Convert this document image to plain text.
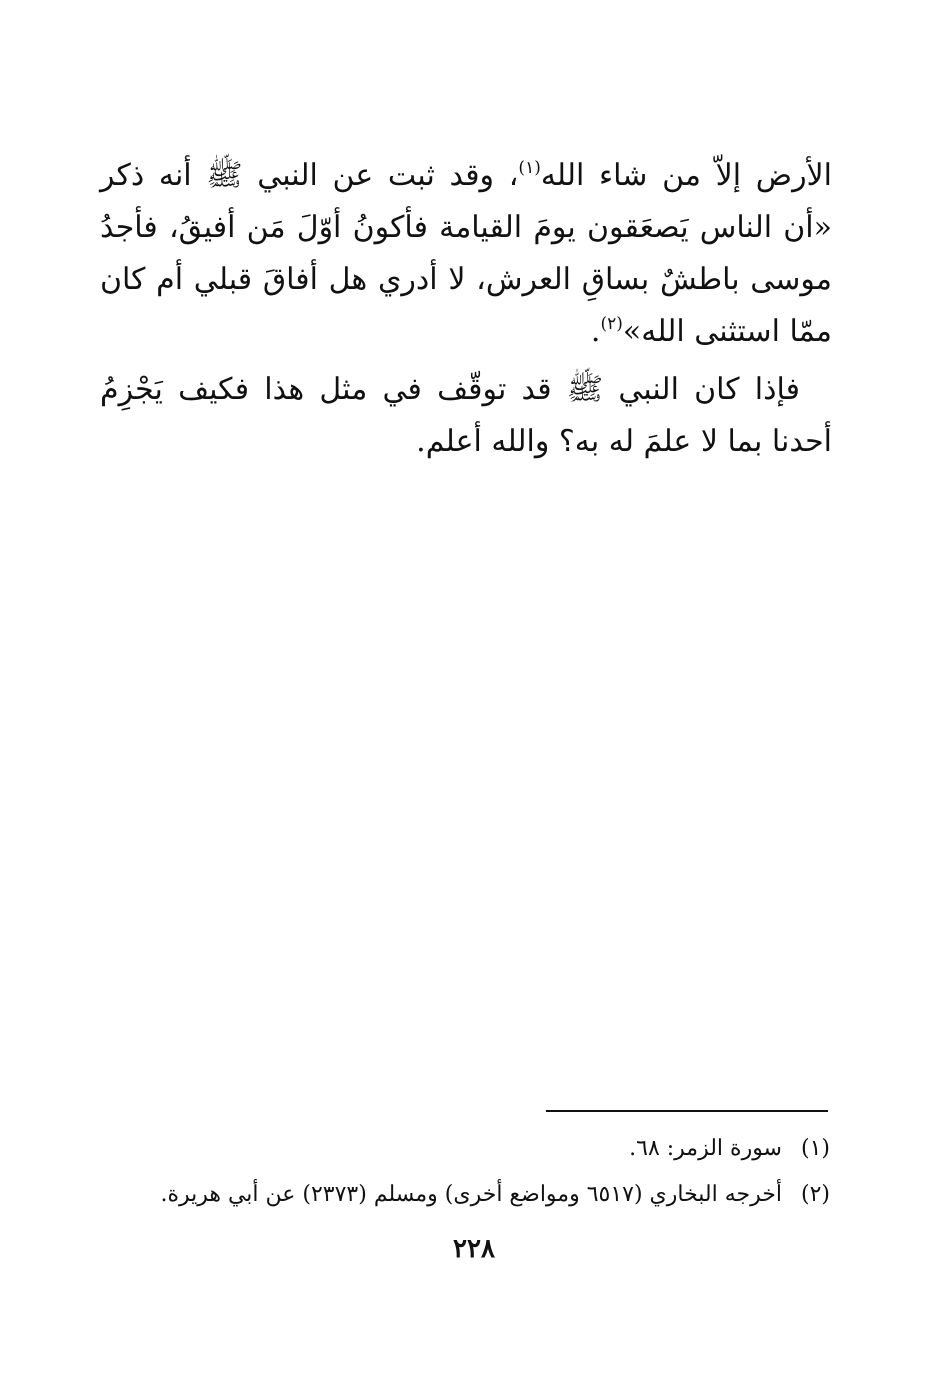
الأرض إلاّ من شاء الله$^{(١)}$، وقد ثبت عن النبي ﷺ أنه ذكر «أن الناس يَصعَقون يومَ القيامة فأكونُ أوّلَ مَن أفيقُ، فأجدُ موسى باطشٌ بساقِ العرش، لا أدري هل أفاقَ قبلي أم كان ممّا استثنى الله»$^{(٢)}$.

فإذا كان النبي ﷺ قد توقّف في مثل هذا فكيف يَجْزِمُ أحدنا بما لا علمَ له به؟ والله أعلم.

(١)سورة الزمر: ٦٨.
(٢)أخرجه البخاري (٦٥١٧ ومواضع أخرى) ومسلم (٢٣٧٣) عن أبي هريرة.
٢٢٨
